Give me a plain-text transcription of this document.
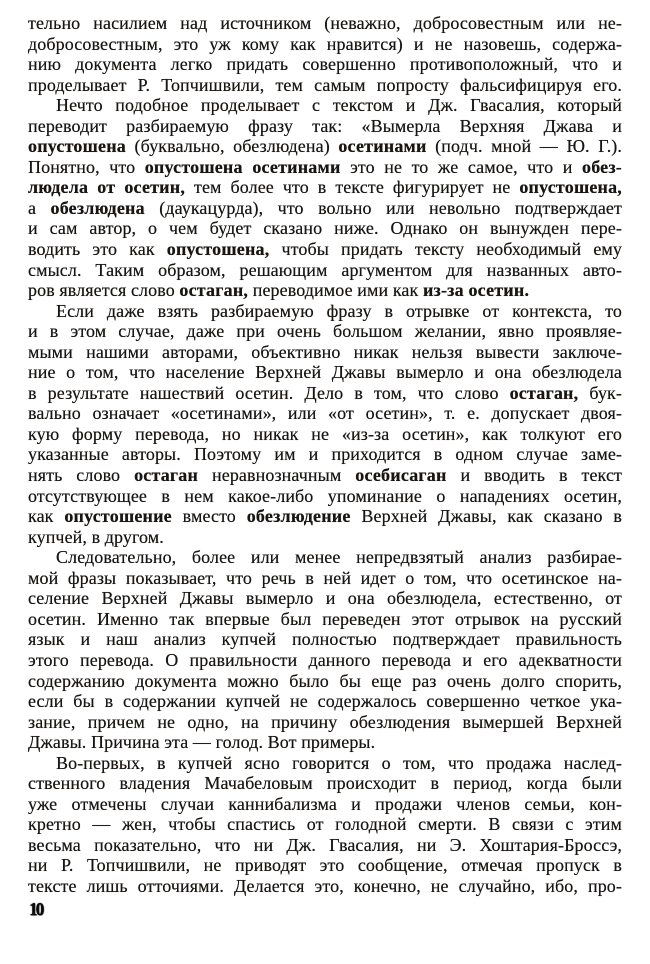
тельно насилием над источником (неважно, добросовестным или не-
добросовестным, это уж кому как нравится) и не назовешь, содержа-
нию документа легко придать совершенно противоположный, что и
проделывает Р. Топчишвили, тем самым попросту фальсифицируя его.
Нечто подобное проделывает с текстом и Дж. Гвасалия, который
переводит разбираемую фразу так: «Вымерла Верхняя Джава и
опустошена (буквально, обезлюдена) осетинами (подч. мной — Ю. Г.).
Понятно, что опустошена осетинами это не то же самое, что и обез-
людела от осетин, тем более что в тексте фигурирует не опустошена,
а обезлюдена (даукацурда), что вольно или невольно подтверждает
и сам автор, о чем будет сказано ниже. Однако он вынужден пере-
водить это как опустошена, чтобы придать тексту необходимый ему
смысл. Таким образом, решающим аргументом для названных авто-
ров является слово остаган, переводимое ими как из-за осетин.
Если даже взять разбираемую фразу в отрывке от контекста, то
и в этом случае, даже при очень большом желании, явно проявляе-
мыми нашими авторами, объективно никак нельзя вывести заключе-
ние о том, что население Верхней Джавы вымерло и она обезлюдела
в результате нашествий осетин. Дело в том, что слово остаган, бук-
вально означает «осетинами», или «от осетин», т. е. допускает двоя-
кую форму перевода, но никак не «из-за осетин», как толкуют его
указанные авторы. Поэтому им и приходится в одном случае заме-
нять слово остаган неравнозначным осебисаган и вводить в текст
отсутствующее в нем какое-либо упоминание о нападениях осетин,
как опустошение вместо обезлюдение Верхней Джавы, как сказано в
купчей, в другом.
Следовательно, более или менее непредвзятый анализ разбирае-
мой фразы показывает, что речь в ней идет о том, что осетинское на-
селение Верхней Джавы вымерло и она обезлюдела, естественно, от
осетин. Именно так впервые был переведен этот отрывок на русский
язык и наш анализ купчей полностью подтверждает правильность
этого перевода. О правильности данного перевода и его адекватности
содержанию документа можно было бы еще раз очень долго спорить,
если бы в содержании купчей не содержалось совершенно четкое ука-
зание, причем не одно, на причину обезлюдения вымершей Верхней
Джавы. Причина эта — голод. Вот примеры.
Во-первых, в купчей ясно говорится о том, что продажа наслед-
ственного владения Мачабеловым происходит в период, когда были
уже отмечены случаи каннибализма и продажи членов семьи, кон-
кретно — жен, чтобы спастись от голодной смерти. В связи с этим
весьма показательно, что ни Дж. Гвасалия, ни Э. Хоштария-Броссэ,
ни Р. Топчишвили, не приводят это сообщение, отмечая пропуск в
тексте лишь отточиями. Делается это, конечно, не случайно, ибо, про-
10
